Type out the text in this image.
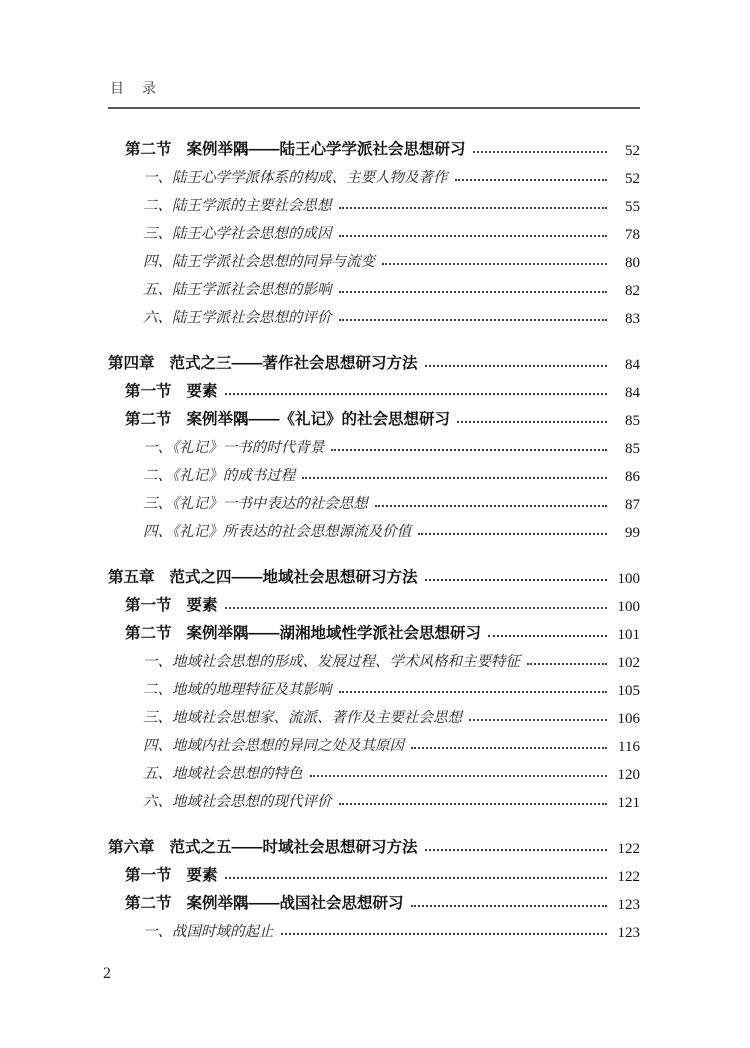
目　录
第二节 案例举隅——陆王心学学派社会思想研习	52
一、陆王心学学派体系的构成、主要人物及著作	52
二、陆王学派的主要社会思想	55
三、陆王心学社会思想的成因	78
四、陆王学派社会思想的同异与流变	80
五、陆王学派社会思想的影响	82
六、陆王学派社会思想的评价	83
第四章 范式之三——著作社会思想研习方法	84
第一节 要素	84
第二节 案例举隅——《礼记》的社会思想研习	85
一、《礼记》一书的时代背景	85
二、《礼记》的成书过程	86
三、《礼记》一书中表达的社会思想	87
四、《礼记》所表达的社会思想源流及价值	99
第五章 范式之四——地域社会思想研习方法	100
第一节 要素	100
第二节 案例举隅——湖湘地域性学派社会思想研习	101
一、地域社会思想的形成、发展过程、学术风格和主要特征	102
二、地域的地理特征及其影响	105
三、地域社会思想家、流派、著作及主要社会思想	106
四、地域内社会思想的异同之处及其原因	116
五、地域社会思想的特色	120
六、地域社会思想的现代评价	121
第六章 范式之五——时域社会思想研习方法	122
第一节 要素	122
第二节 案例举隅——战国社会思想研习	123
一、战国时域的起止	123
2
